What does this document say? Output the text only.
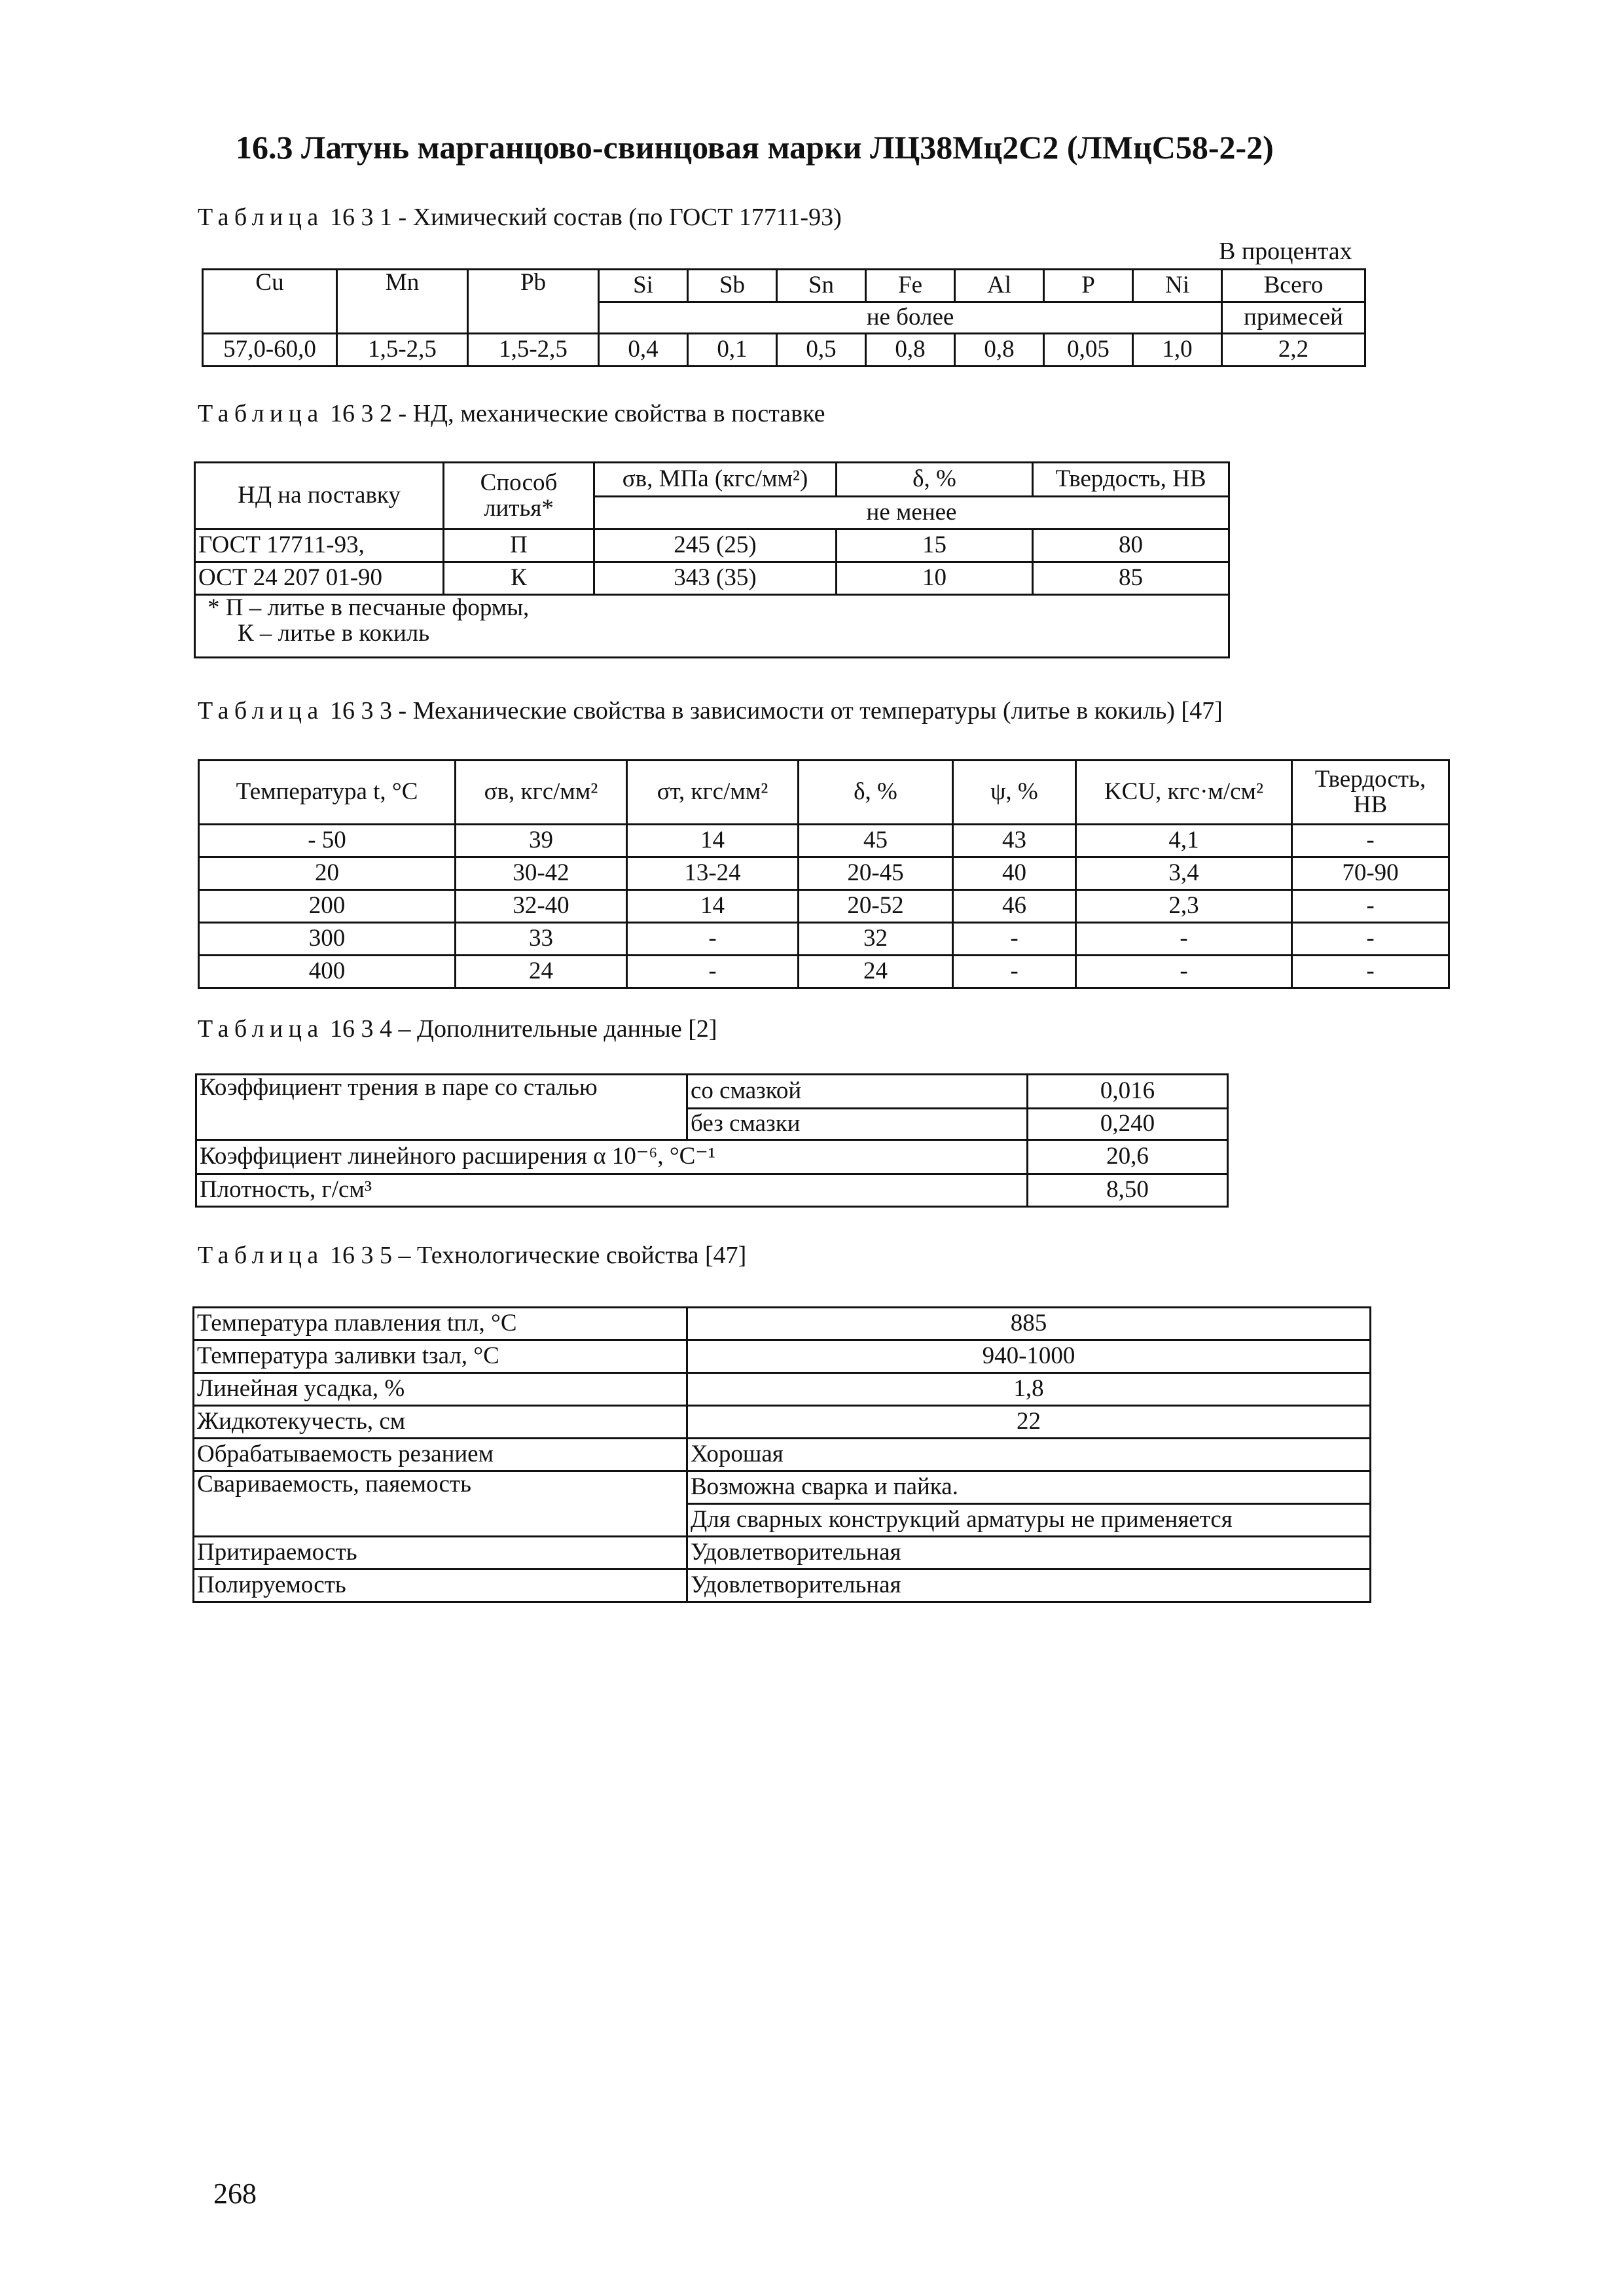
16.3 Латунь марганцово-свинцовая марки ЛЦ38Мц2С2 (ЛМцС58-2-2)
Таблица 16 3 1 - Химический состав (по ГОСТ 17711-93)
В процентах
Cu	Mn	Pb	Si	Sb	Sn	Fe	Al	P	Ni	Всего
			не более							примесей
57,0-60,0	1,5-2,5	1,5-2,5	0,4	0,1	0,5	0,8	0,8	0,05	1,0	2,2
Таблица 16 3 2 - НД, механические свойства в поставке
НД на поставку	Способ литья*	σв, МПа (кгс/мм²)	δ, %	Твердость, НВ
		не менее		
ГОСТ 17711-93,	П	245 (25)	15	80
ОСТ 24 207 01-90	К	343 (35)	10	85

* П – литье в песчаные формы,
К – литье в кокиль				
Таблица 16 3 3 - Механические свойства в зависимости от температуры (литье в кокиль) [47]
Температура t, °С	σв, кгс/мм²	σт, кгс/мм²	δ, %	ψ, %	KCU, кгс·м/см²	Твердость, НВ
- 50	39	14	45	43	4,1	-
20	30-42	13-24	20-45	40	3,4	70-90
200	32-40	14	20-52	46	2,3	-
300	33	-	32	-	-	-
400	24	-	24	-	-	-
Таблица 16 3 4 – Дополнительные данные [2]
Коэффициент трения в паре со сталью	со смазкой	0,016
	без смазки	0,240
Коэффициент линейного расширения α 10⁻⁶, °С⁻¹		20,6
Плотность, г/см³		8,50
Таблица 16 3 5 – Технологические свойства [47]
Температура плавления tпл, °С	885
Температура заливки tзал, °С	940-1000
Линейная усадка, %	1,8
Жидкотекучесть, см	22
Обрабатываемость резанием	Хорошая
Свариваемость, паяемость	Возможна сварка и пайка.
	Для сварных конструкций арматуры не применяется
Притираемость	Удовлетворительная
Полируемость	Удовлетворительная
268
